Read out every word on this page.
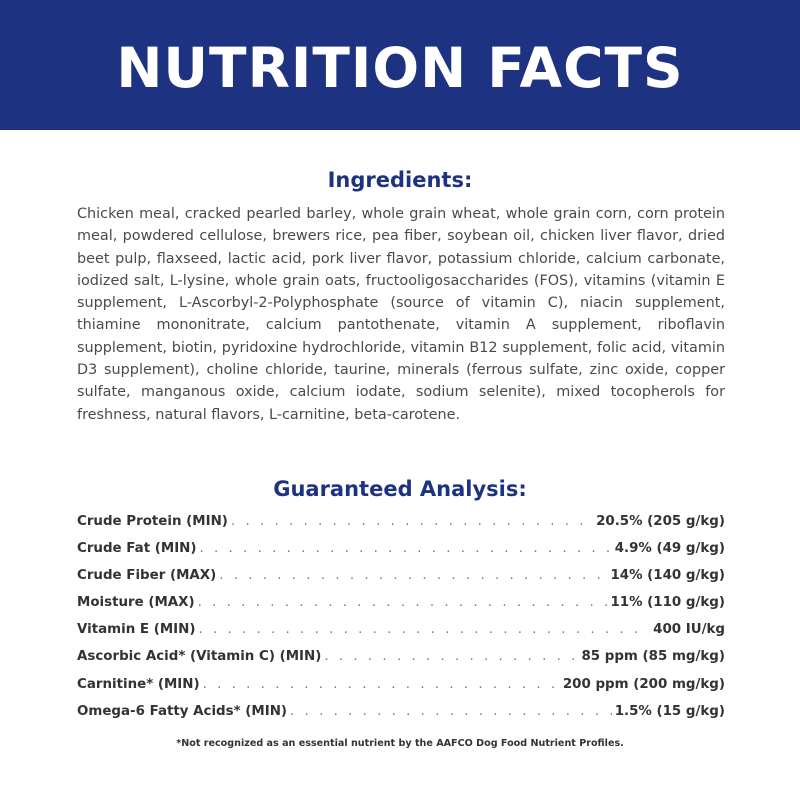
NUTRITION FACTS
Ingredients:
Chicken meal, cracked pearled barley, whole grain wheat, whole grain corn, corn protein meal, powdered cellulose, brewers rice, pea fiber, soybean oil, chicken liver flavor, dried beet pulp, flaxseed, lactic acid, pork liver flavor, potassium chloride, calcium carbonate, iodized salt, L-lysine, whole grain oats, fructooligosaccharides (FOS), vitamins (vitamin E supplement, L-Ascorbyl-2-Polyphosphate (source of vitamin C), niacin supplement, thiamine mononitrate, calcium pantothenate, vitamin A supplement, riboflavin supplement, biotin, pyridoxine hydrochloride, vitamin B12 supplement, folic acid, vitamin D3 supplement), choline chloride, taurine, minerals (ferrous sulfate, zinc oxide, copper sulfate, manganous oxide, calcium iodate, sodium selenite), mixed tocopherols for freshness, natural flavors, L-carnitine, beta-carotene.
Guaranteed Analysis:
Crude Protein (MIN) . . .	20.5% (205 g/kg)
Crude Fat (MIN) . . .	4.9% (49 g/kg)
Crude Fiber (MAX) . . .	14% (140 g/kg)
Moisture (MAX) . . .	11% (110 g/kg)
Vitamin E (MIN) . . .	400 IU/kg
Ascorbic Acid* (Vitamin C) (MIN) . . .	85 ppm (85 mg/kg)
Carnitine* (MIN) . . .	200 ppm (200 mg/kg)
Omega-6 Fatty Acids* (MIN) . . .	1.5% (15 g/kg)
*Not recognized as an essential nutrient by the AAFCO Dog Food Nutrient Profiles.
